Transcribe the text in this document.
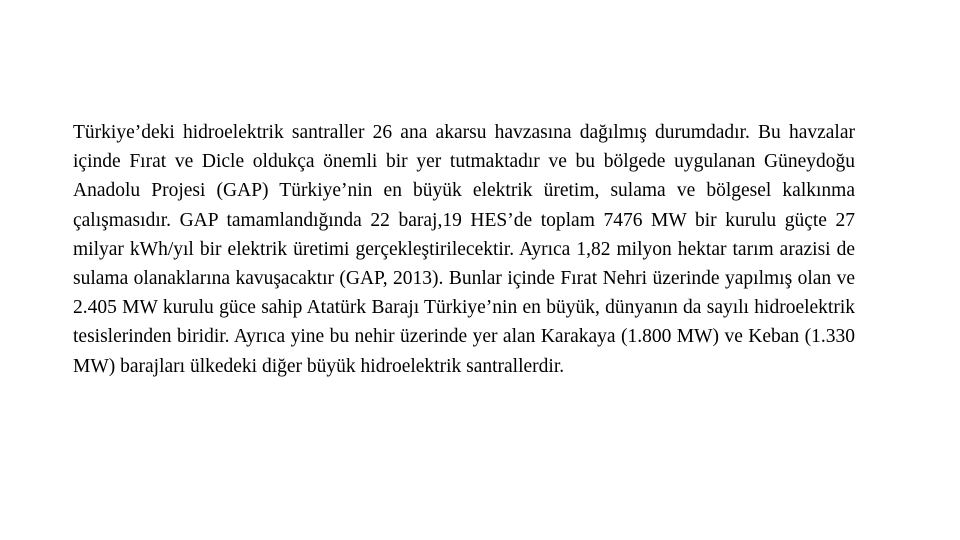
Türkiye’deki hidroelektrik santraller 26 ana akarsu havzasına dağılmış durumdadır. Bu havzalar içinde Fırat ve Dicle oldukça önemli bir yer tutmaktadır ve bu bölgede uygulanan Güneydoğu Anadolu Projesi (GAP) Türkiye’nin en büyük elektrik üretim, sulama ve bölgesel kalkınma çalışmasıdır. GAP tamamlandığında 22 baraj,19 HES’de toplam 7476 MW bir kurulu güçte 27 milyar kWh/yıl bir elektrik üretimi gerçekleştirilecektir. Ayrıca 1,82 milyon hektar tarım arazisi de sulama olanaklarına kavuşacaktır (GAP, 2013). Bunlar içinde Fırat Nehri üzerinde yapılmış olan ve 2.405 MW kurulu güce sahip Atatürk Barajı Türkiye’nin en büyük, dünyanın da sayılı hidroelektrik tesislerinden biridir. Ayrıca yine bu nehir üzerinde yer alan Karakaya (1.800 MW) ve Keban (1.330 MW) barajları ülkedeki diğer büyük hidroelektrik santrallerdir.
